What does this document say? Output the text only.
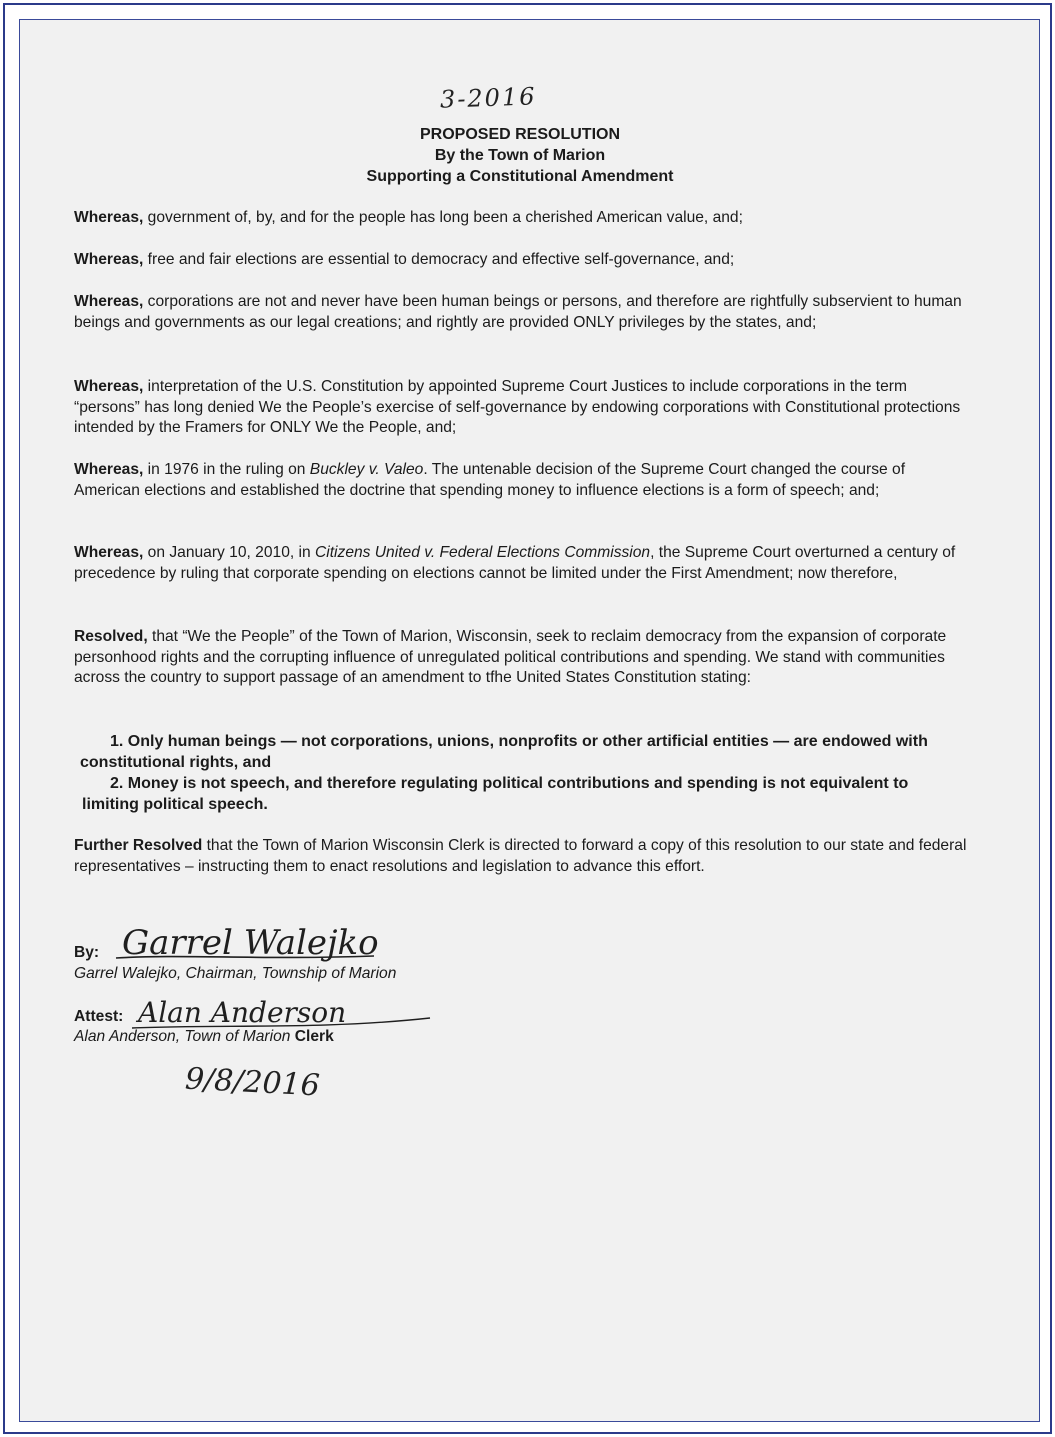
3-2016
PROPOSED RESOLUTION
By the Town of Marion
Supporting a Constitutional Amendment

Whereas, government of, by, and for the people has long been a cherished American value, and;

Whereas, free and fair elections are essential to democracy and effective self-governance, and;

Whereas, corporations are not and never have been human beings or persons, and therefore are rightfully subservient to human beings and governments as our legal creations; and rightly are provided ONLY privileges by the states, and;

Whereas, interpretation of the U.S. Constitution by appointed Supreme Court Justices to include corporations in the term “persons” has long denied We the People’s exercise of self-governance by endowing corporations with Constitutional protections intended by the Framers for ONLY We the People, and;

Whereas, in 1976 in the ruling on Buckley v. Valeo. The untenable decision of the Supreme Court changed the course of American elections and established the doctrine that spending money to influence elections is a form of speech; and;

Whereas, on January 10, 2010, in Citizens United v. Federal Elections Commission, the Supreme Court overturned a century of precedence by ruling that corporate spending on elections cannot be limited under the First Amendment; now therefore,

Resolved, that “We the People” of the Town of Marion, Wisconsin, seek to reclaim democracy from the expansion of corporate personhood rights and the corrupting influence of unregulated political contributions and spending. We stand with communities across the country to support passage of an amendment to tfhe United States Constitution stating:

1. Only human beings — not corporations, unions, nonprofits or other artificial entities — are endowed with constitutional rights, and
2. Money is not speech, and therefore regulating political contributions and spending is not equivalent to limiting political speech.

Further Resolved that the Town of Marion Wisconsin Clerk is directed to forward a copy of this resolution to our state and federal representatives – instructing them to enact resolutions and legislation to advance this effort.

By: Garrel Walejko
Garrel Walejko, Chairman, Township of Marion
Attest: Alan Anderson
Alan Anderson, Town of Marion Clerk
9/8/2016
